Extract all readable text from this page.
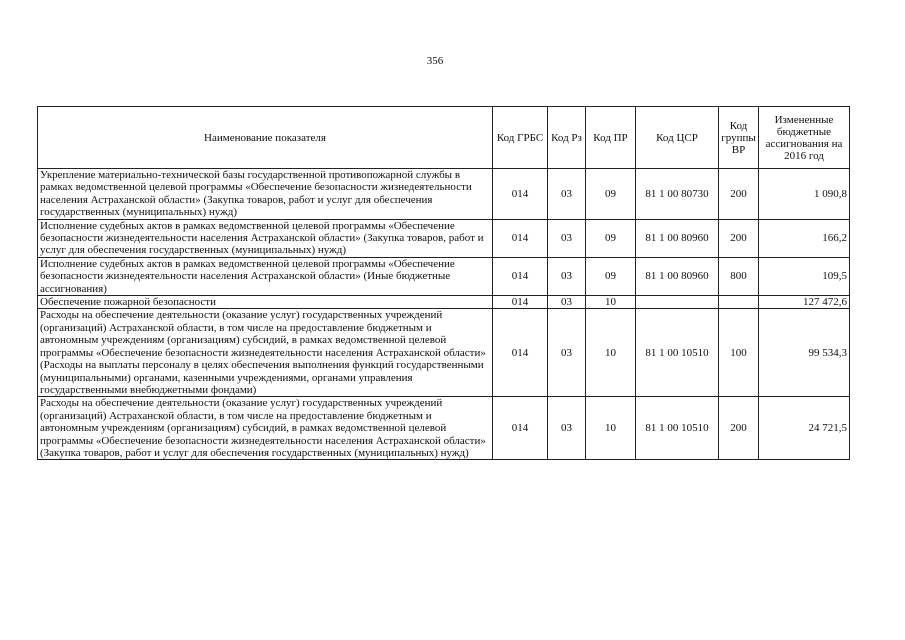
356
Наименование показателя	Код ГРБС	Код Рз	Код ПР	Код ЦСР	Код группы ВР	Измененные бюджетные ассигнования на 2016 год
Укрепление материально-технической базы государственной противопожарной службы в рамках ведомственной целевой программы «Обеспечение безопасности жизнедеятельности населения Астраханской области» (Закупка товаров, работ и услуг для обеспечения государственных (муниципальных) нужд)	014	03	09	81 1 00 80730	200	1 090,8
Исполнение судебных актов в рамках ведомственной целевой программы «Обеспечение безопасности жизнедеятельности населения Астраханской области» (Закупка товаров, работ и услуг для обеспечения государственных (муниципальных) нужд)	014	03	09	81 1 00 80960	200	166,2
Исполнение судебных актов в рамках ведомственной целевой программы «Обеспечение безопасности жизнедеятельности населения Астраханской области» (Иные бюджетные ассигнования)	014	03	09	81 1 00 80960	800	109,5
Обеспечение пожарной безопасности	014	03	10			127 472,6
Расходы на обеспечение деятельности (оказание услуг) государственных учреждений (организаций) Астраханской области, в том числе на предоставление бюджетным и автономным учреждениям (организациям) субсидий, в рамках ведомственной целевой программы «Обеспечение безопасности жизнедеятельности населения Астраханской области» (Расходы на выплаты персоналу в целях обеспечения выполнения функций государственными (муниципальными) органами, казенными учреждениями, органами управления государственными внебюджетными фондами)	014	03	10	81 1 00 10510	100	99 534,3
Расходы на обеспечение деятельности (оказание услуг) государственных учреждений (организаций) Астраханской области, в том числе на предоставление бюджетным и автономным учреждениям (организациям) субсидий, в рамках ведомственной целевой программы «Обеспечение безопасности жизнедеятельности населения Астраханской области» (Закупка товаров, работ и услуг для обеспечения государственных (муниципальных) нужд)	014	03	10	81 1 00 10510	200	24 721,5
